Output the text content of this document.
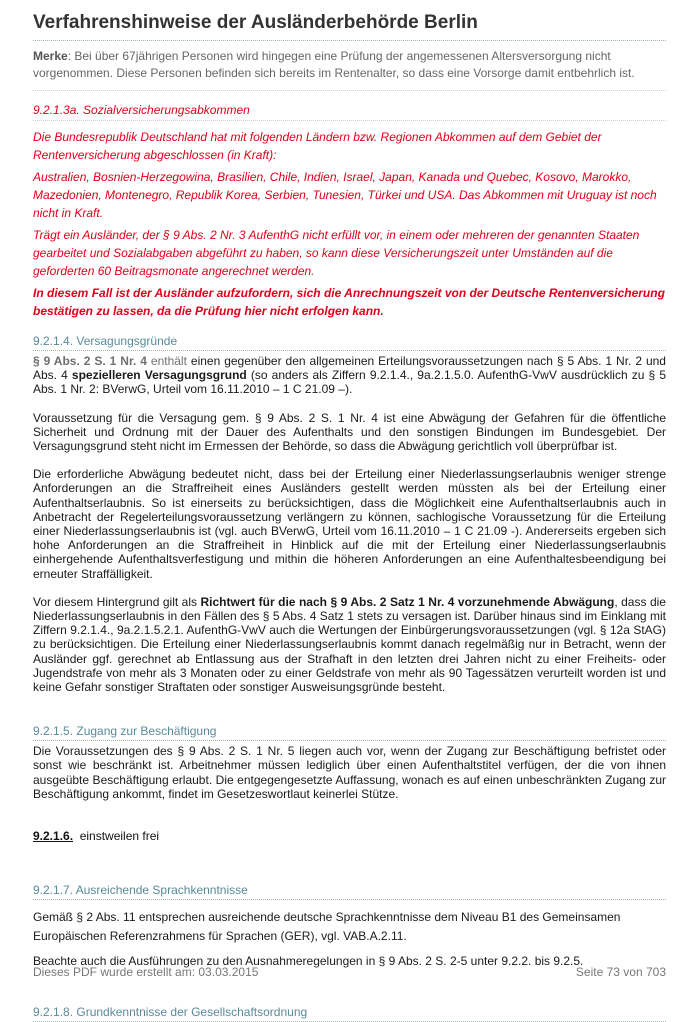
Verfahrenshinweise der Ausländerbehörde Berlin

Merke: Bei über 67jährigen Personen wird hingegen eine Prüfung der angemessenen Altersversorgung nicht vorgenommen. Diese Personen befinden sich bereits im Rentenalter, so dass eine Vorsorge damit entbehrlich ist.

9.2.1.3a. Sozialversicherungsabkommen

Die Bundesrepublik Deutschland hat mit folgenden Ländern bzw. Regionen Abkommen auf dem Gebiet der Rentenversicherung abgeschlossen (in Kraft):

Australien, Bosnien-Herzegowina, Brasilien, Chile, Indien, Israel, Japan, Kanada und Quebec, Kosovo, Marokko, Mazedonien, Montenegro, Republik Korea, Serbien, Tunesien, Türkei und USA. Das Abkommen mit Uruguay ist noch nicht in Kraft.

Trägt ein Ausländer, der § 9 Abs. 2 Nr. 3 AufenthG nicht erfüllt vor, in einem oder mehreren der genannten Staaten gearbeitet und Sozialabgaben abgeführt zu haben, so kann diese Versicherungszeit unter Umständen auf die geforderten 60 Beitragsmonate angerechnet werden.

In diesem Fall ist der Ausländer aufzufordern, sich die Anrechnungszeit von der Deutsche Rentenversicherung bestätigen zu lassen, da die Prüfung hier nicht erfolgen kann.

9.2.1.4. Versagungsgründe

§ 9 Abs. 2 S. 1 Nr. 4 enthält einen gegenüber den allgemeinen Erteilungsvoraussetzungen nach § 5 Abs. 1 Nr. 2 und Abs. 4 spezielleren Versagungsgrund (so anders als Ziffern 9.2.1.4., 9a.2.1.5.0. AufenthG-VwV ausdrücklich zu § 5 Abs. 1 Nr. 2: BVerwG, Urteil vom 16.11.2010 – 1 C 21.09 –).

Voraussetzung für die Versagung gem. § 9 Abs. 2 S. 1 Nr. 4 ist eine Abwägung der Gefahren für die öffentliche Sicherheit und Ordnung mit der Dauer des Aufenthalts und den sonstigen Bindungen im Bundesgebiet. Der Versagungsgrund steht nicht im Ermessen der Behörde, so dass die Abwägung gerichtlich voll überprüfbar ist.

Die erforderliche Abwägung bedeutet nicht, dass bei der Erteilung einer Niederlassungserlaubnis weniger strenge Anforderungen an die Straffreiheit eines Ausländers gestellt werden müssten als bei der Erteilung einer Aufenthaltserlaubnis. So ist einerseits zu berücksichtigen, dass die Möglichkeit eine Aufenthaltserlaubnis auch in Anbetracht der Regelerteilungsvoraussetzung verlängern zu können, sachlogische Voraussetzung für die Erteilung einer Niederlassungserlaubnis ist (vgl. auch BVerwG, Urteil vom 16.11.2010 – 1 C 21.09 -). Andererseits ergeben sich hohe Anforderungen an die Straffreiheit in Hinblick auf die mit der Erteilung einer Niederlassungserlaubnis einhergehende Aufenthaltsverfestigung und mithin die höheren Anforderungen an eine Aufenthaltesbeendigung bei erneuter Straffälligkeit.

Vor diesem Hintergrund gilt als Richtwert für die nach § 9 Abs. 2 Satz 1 Nr. 4 vorzunehmende Abwägung, dass die Niederlassungserlaubnis in den Fällen des § 5 Abs. 4 Satz 1 stets zu versagen ist. Darüber hinaus sind im Einklang mit Ziffern 9.2.1.4., 9a.2.1.5.2.1. AufenthG-VwV auch die Wertungen der Einbürgerungsvoraussetzungen (vgl. § 12a StAG) zu berücksichtigen. Die Erteilung einer Niederlassungserlaubnis kommt danach regelmäßig nur in Betracht, wenn der Ausländer ggf. gerechnet ab Entlassung aus der Strafhaft in den letzten drei Jahren nicht zu einer Freiheits- oder Jugendstrafe von mehr als 3 Monaten oder zu einer Geldstrafe von mehr als 90 Tagessätzen verurteilt worden ist und keine Gefahr sonstiger Straftaten oder sonstiger Ausweisungsgründe besteht.

9.2.1.5. Zugang zur Beschäftigung

Die Voraussetzungen des § 9 Abs. 2 S. 1 Nr. 5 liegen auch vor, wenn der Zugang zur Beschäftigung befristet oder sonst wie beschränkt ist. Arbeitnehmer müssen lediglich über einen Aufenthaltstitel verfügen, der die von ihnen ausgeübte Beschäftigung erlaubt. Die entgegengesetzte Auffassung, wonach es auf einen unbeschränkten Zugang zur Beschäftigung ankommt, findet im Gesetzeswortlaut keinerlei Stütze.

9.2.1.6.  einstweilen frei

9.2.1.7. Ausreichende Sprachkenntnisse

Gemäß § 2 Abs. 11 entsprechen ausreichende deutsche Sprachkenntnisse dem Niveau B1 des Gemeinsamen Europäischen Referenzrahmens für Sprachen (GER), vgl. VAB.A.2.11.

Beachte auch die Ausführungen zu den Ausnahmeregelungen in § 9 Abs. 2 S. 2-5 unter 9.2.2. bis 9.2.5.

9.2.1.8. Grundkenntnisse der Gesellschaftsordnung
Dieses PDF wurde erstellt am: 03.03.2015	Seite 73 von 703
